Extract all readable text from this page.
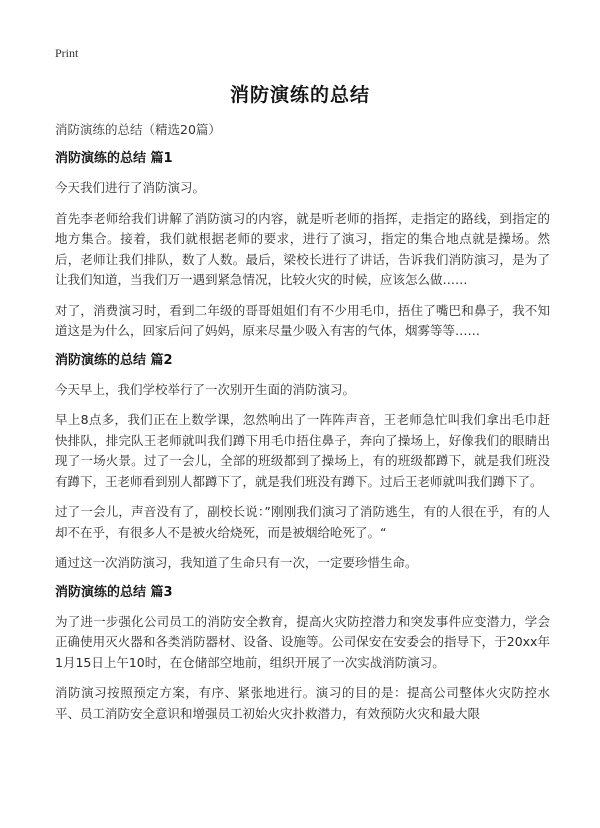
Print
消防演练的总结
消防演练的总结（精选20篇）
消防演练的总结 篇1

今天我们进行了消防演习。

首先李老师给我们讲解了消防演习的内容，就是听老师的指挥，走指定的路线，到指定的地方集合。接着，我们就根据老师的要求，进行了演习，指定的集合地点就是操场。然后，老师让我们排队，数了人数。最后，梁校长进行了讲话，告诉我们消防演习，是为了让我们知道，当我们万一遇到紧急情况，比较火灾的时候，应该怎么做……

对了，消费演习时，看到二年级的哥哥姐姐们有不少用毛巾，捂住了嘴巴和鼻子，我不知道这是为什么，回家后问了妈妈，原来尽量少吸入有害的气体，烟雾等等……

消防演练的总结 篇2

今天早上，我们学校举行了一次别开生面的消防演习。

早上8点多，我们正在上数学课，忽然响出了一阵阵声音，王老师急忙叫我们拿出毛巾赶快排队，排完队王老师就叫我们蹲下用毛巾捂住鼻子，奔向了操场上，好像我们的眼睛出现了一场火景。过了一会儿，全部的班级都到了操场上，有的班级都蹲下，就是我们班没有蹲下，王老师看到别人都蹲下了，就是我们班没有蹲下。过后王老师就叫我们蹲下了。

过了一会儿，声音没有了，副校长说：”刚刚我们演习了消防逃生，有的人很在乎，有的人却不在乎，有很多人不是被火给烧死，而是被烟给呛死了。“

通过这一次消防演习，我知道了生命只有一次，一定要珍惜生命。

消防演练的总结 篇3

为了进一步强化公司员工的消防安全教育，提高火灾防控潜力和突发事件应变潜力，学会正确使用灭火器和各类消防器材、设备、设施等。公司保安在安委会的指导下，于20xx年1月15日上午10时，在仓储部空地前，组织开展了一次实战消防演习。

消防演习按照预定方案，有序、紧张地进行。演习的目的是：提高公司整体火灾防控水平、员工消防安全意识和增强员工初始火灾扑救潜力，有效预防火灾和最大限
